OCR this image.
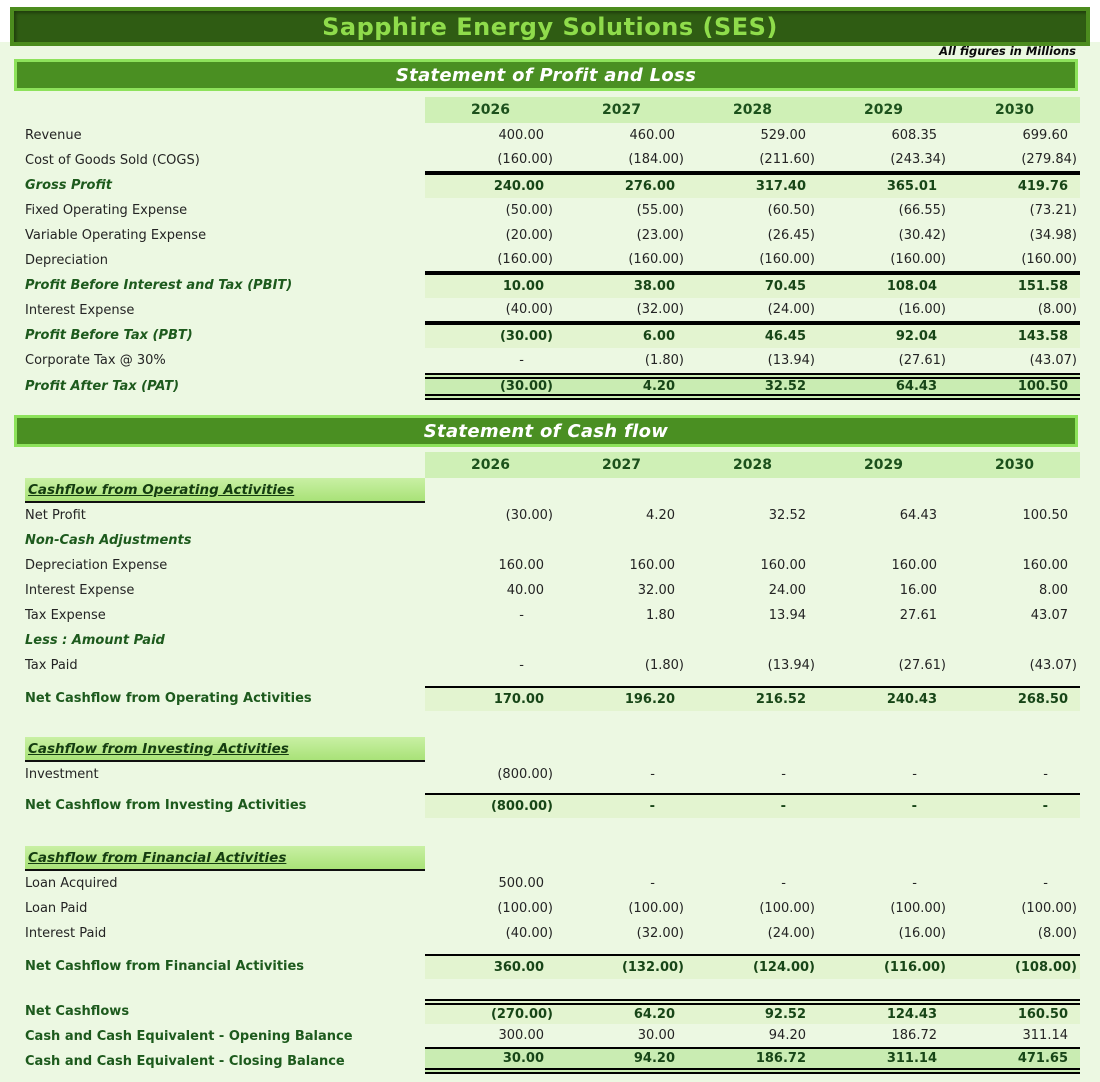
Sapphire Energy Solutions (SES)
All figures in Millions
Statement of Profit and Loss
2026	2027	2028	2029	2030
Revenue	400.00	460.00	529.00	608.35	699.60
Cost of Goods Sold (COGS)	(160.00)	(184.00)	(211.60)	(243.34)	(279.84)
Gross Profit	240.00	276.00	317.40	365.01	419.76
Fixed Operating Expense	(50.00)	(55.00)	(60.50)	(66.55)	(73.21)
Variable Operating Expense	(20.00)	(23.00)	(26.45)	(30.42)	(34.98)
Depreciation	(160.00)	(160.00)	(160.00)	(160.00)	(160.00)
Profit Before Interest and Tax (PBIT)	10.00	38.00	70.45	108.04	151.58
Interest Expense	(40.00)	(32.00)	(24.00)	(16.00)	(8.00)
Profit Before Tax (PBT)	(30.00)	6.00	46.45	92.04	143.58
Corporate Tax @ 30%	-	(1.80)	(13.94)	(27.61)	(43.07)
Profit After Tax (PAT)	(30.00)	4.20	32.52	64.43	100.50
Statement of Cash flow
2026	2027	2028	2029	2030
Cashflow from Operating Activities
Net Profit	(30.00)	4.20	32.52	64.43	100.50
Non-Cash Adjustments
Depreciation Expense	160.00	160.00	160.00	160.00	160.00
Interest Expense	40.00	32.00	24.00	16.00	8.00
Tax Expense	-	1.80	13.94	27.61	43.07
Less : Amount Paid
Tax Paid	-	(1.80)	(13.94)	(27.61)	(43.07)
Net Cashflow from Operating Activities	170.00	196.20	216.52	240.43	268.50
Cashflow from Investing Activities
Investment	(800.00)	-	-	-	-
Net Cashflow from Investing Activities	(800.00)	-	-	-	-
Cashflow from Financial Activities
Loan Acquired	500.00	-	-	-	-
Loan Paid	(100.00)	(100.00)	(100.00)	(100.00)	(100.00)
Interest Paid	(40.00)	(32.00)	(24.00)	(16.00)	(8.00)
Net Cashflow from Financial Activities	360.00	(132.00)	(124.00)	(116.00)	(108.00)
Net Cashflows	(270.00)	64.20	92.52	124.43	160.50
Cash and Cash Equivalent - Opening Balance	300.00	30.00	94.20	186.72	311.14
Cash and Cash Equivalent - Closing Balance	30.00	94.20	186.72	311.14	471.65
